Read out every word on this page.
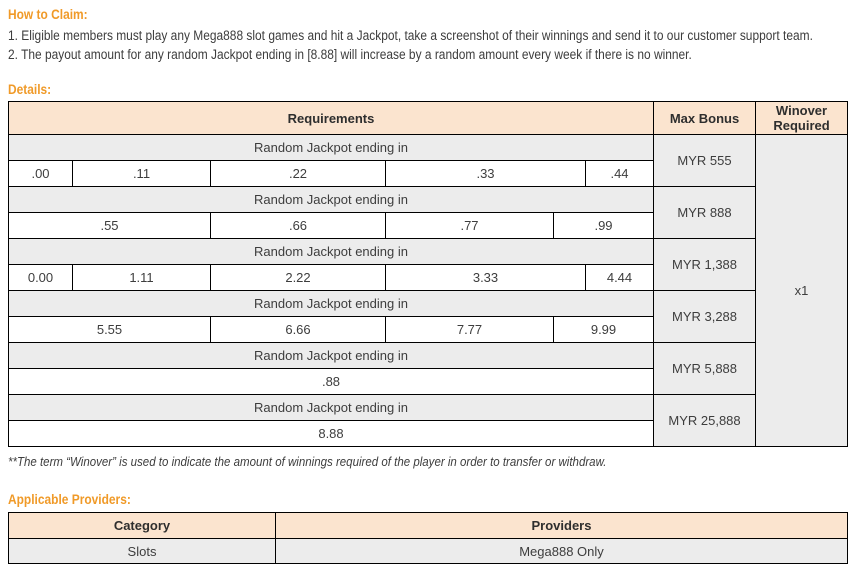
How to Claim:
1. Eligible members must play any Mega888 slot games and hit a Jackpot, take a screenshot of their winnings and send it to our customer support team.
2. The payout amount for any random Jackpot ending in [8.88] will increase by a random amount every week if there is no winner.
Details:
Requirements						Max Bonus	Winover Required
Random Jackpot ending in						MYR 555	x1
.00	.11	.22	.33		.44		
Random Jackpot ending in						MYR 888	
.55		.66	.77	.99			
Random Jackpot ending in						MYR 1,388	
0.00	1.11	2.22	3.33		4.44		
Random Jackpot ending in						MYR 3,288	
5.55		6.66	7.77	9.99			
Random Jackpot ending in						MYR 5,888	
.88							
Random Jackpot ending in						MYR 25,888	
8.88							
**The term “Winover” is used to indicate the amount of winnings required of the player in order to transfer or withdraw.
Applicable Providers:
Category	Providers
Slots	Mega888 Only
